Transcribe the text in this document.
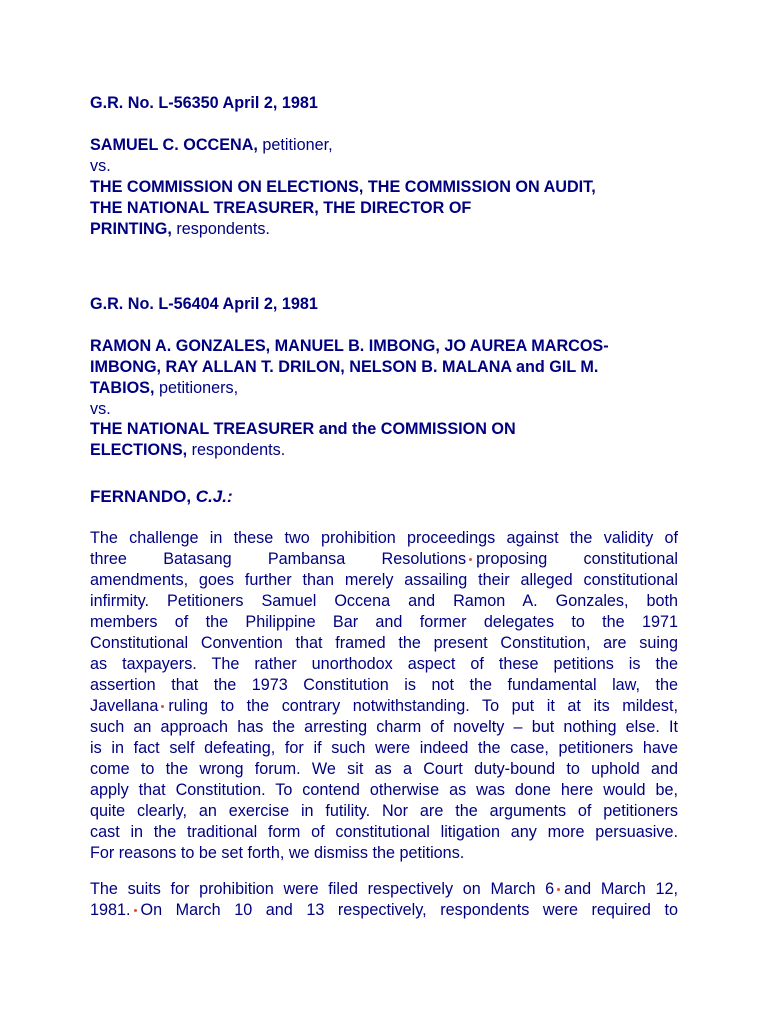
G.R. No. L-56350 April 2, 1981
SAMUEL C. OCCENA, petitioner,
vs.
THE COMMISSION ON ELECTIONS, THE COMMISSION ON AUDIT,
THE NATIONAL TREASURER, THE DIRECTOR OF
PRINTING, respondents.
G.R. No. L-56404 April 2, 1981
RAMON A. GONZALES, MANUEL B. IMBONG, JO AUREA MARCOS-
IMBONG, RAY ALLAN T. DRILON, NELSON B. MALANA and GIL M.
TABIOS, petitioners,
vs.
THE NATIONAL TREASURER and the COMMISSION ON
ELECTIONS, respondents.
FERNANDO, C.J.:
The challenge in these two prohibition proceedings against the validity of
three Batasang Pambansa Resolutions proposing constitutional
amendments, goes further than merely assailing their alleged constitutional
infirmity. Petitioners Samuel Occena and Ramon A. Gonzales, both
members of the Philippine Bar and former delegates to the 1971
Constitutional Convention that framed the present Constitution, are suing
as taxpayers. The rather unorthodox aspect of these petitions is the
assertion that the 1973 Constitution is not the fundamental law, the
Javellana ruling to the contrary notwithstanding. To put it at its mildest,
such an approach has the arresting charm of novelty – but nothing else. It
is in fact self defeating, for if such were indeed the case, petitioners have
come to the wrong forum. We sit as a Court duty-bound to uphold and
apply that Constitution. To contend otherwise as was done here would be,
quite clearly, an exercise in futility. Nor are the arguments of petitioners
cast in the traditional form of constitutional litigation any more persuasive.
For reasons to be set forth, we dismiss the petitions.
The suits for prohibition were filed respectively on March 6 and March 12,
1981. On March 10 and 13 respectively, respondents were required to
